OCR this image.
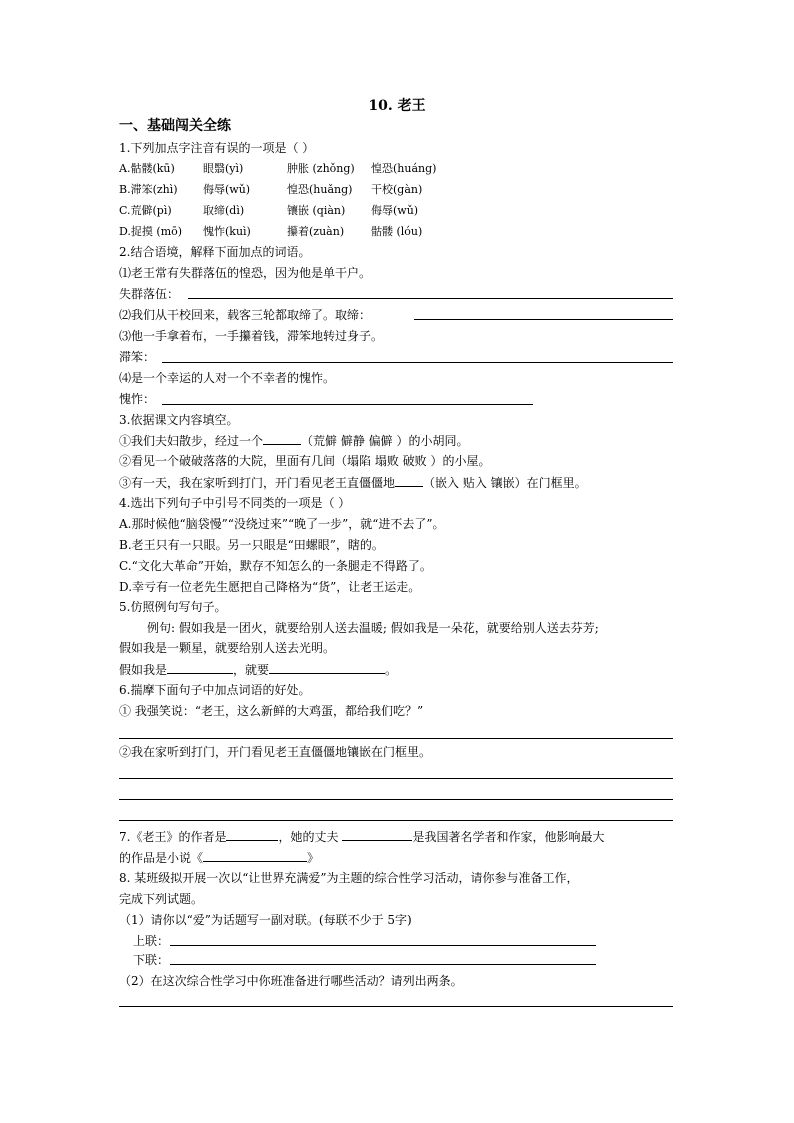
10. 老王
一、基础闯关全练
1.下列加点字注音有误的一项是（ ）
A.骷髅(kū)	眼翳(yì)	肿胀 (zhǒng) 惶恐(huáng)
B.滞笨(zhì) 侮辱(wǔ)	惶恐(huǎng) 干校(gàn)
C.荒僻(pì)	取缔(dì)	镶嵌 (qiàn) 侮辱(wǔ)
D.捉摸 (mō) 愧怍(kuì)	攥着(zuàn) 骷髅 (lóu)
2.结合语境，解释下面加点的词语。
⑴老王常有失群落伍的惶恐，因为他是单干户。
失群落伍：
⑵我们从干校回来，载客三轮都取缔了。取缔：
⑶他一手拿着布，一手攥着钱，滞笨地转过身子。
滞笨：
⑷是一个幸运的人对一个不幸者的愧怍。
愧怍：
3.依据课文内容填空。
①我们夫妇散步，经过一个	（荒僻 僻静 偏僻 ）的小胡同。
②看见一个破破落落的大院，里面有几间（塌陷 塌败 破败 ）的小屋。
③有一天，我在家听到打门，开门看见老王直僵僵地 （嵌入 贴入 镶嵌）在门框里。
4.选出下列句子中引号不同类的一项是（ ）
A.那时候他“脑袋慢”“没绕过来”“晚了一步”，就“进不去了”。
B.老王只有一只眼。另一只眼是“田螺眼”，瞎的。
C.“文化大革命”开始，默存不知怎么的一条腿走不得路了。
D.幸亏有一位老先生愿把自己降格为“货”，让老王运走。
5.仿照例句写句子。
例句: 假如我是一团火，就要给别人送去温暖; 假如我是一朵花，就要给别人送去芬芳;
假如我是一颗星，就要给别人送去光明。
假如我是	，就要	。
6.揣摩下面句子中加点词语的好处。
① 我强笑说：“老王，这么新鲜的大鸡蛋，都给我们吃？”
②我在家听到打门，开门看见老王直僵僵地镶嵌在门框里。
7.《老王》的作者是	，她的丈夫	是我国著名学者和作家，他影响最大
的作品是小说《	》
8. 某班级拟开展一次以“让世界充满爱”为主题的综合性学习活动，请你参与准备工作，
完成下列试题。
（1）请你以“爱”为话题写一副对联。(每联不少于 5字)
上联：
下联：
（2）在这次综合性学习中你班准备进行哪些活动？请列出两条。
